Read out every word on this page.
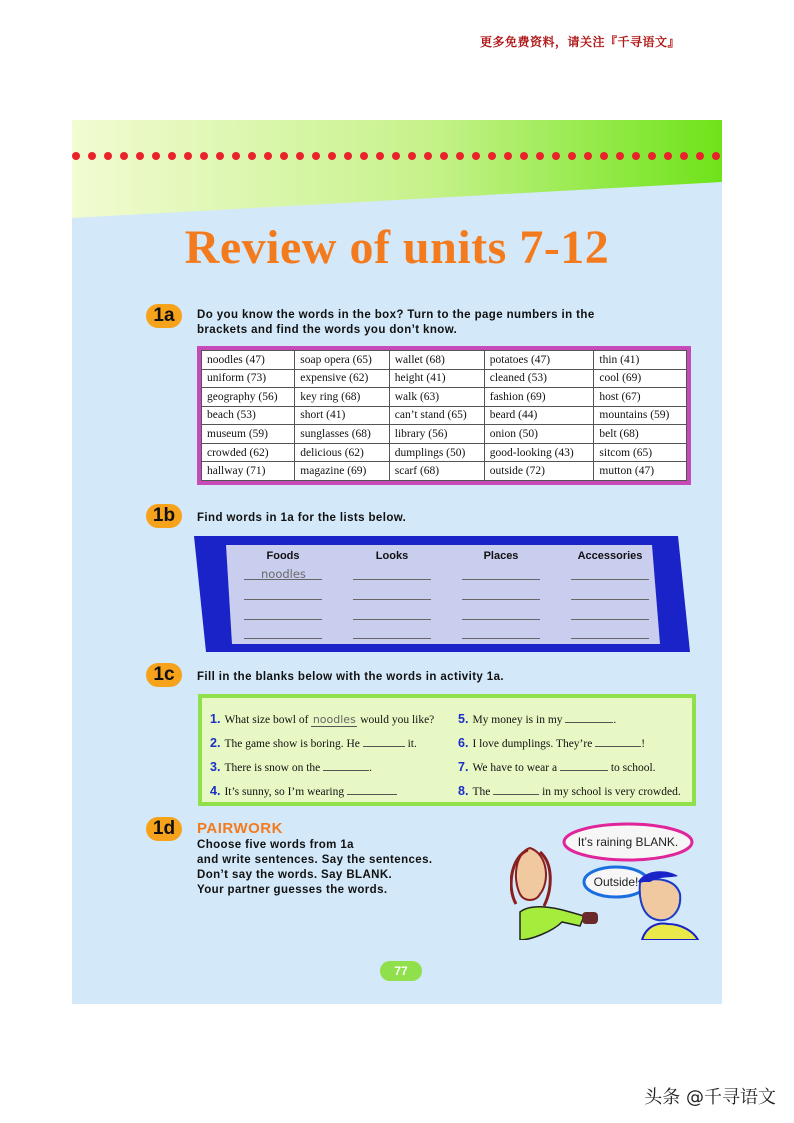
更多免费资料，请关注『千寻语文』
Review of units 7-12
1a	Do you know the words in the box? Turn to the page numbers in the
brackets and find the words you don’t know.
noodles (47)	soap opera (65)	wallet (68)	potatoes (47)	thin (41)
uniform (73)	expensive (62)	height (41)	cleaned (53)	cool (69)
geography (56)	key ring (68)	walk (63)	fashion (69)	host (67)
beach (53)	short (41)	can’t stand (65)	beard (44)	mountains (59)
museum (59)	sunglasses (68)	library (56)	onion (50)	belt (68)
crowded (62)	delicious (62)	dumplings (50)	good-looking (43)	sitcom (65)
hallway (71)	magazine (69)	scarf (68)	outside (72)	mutton (47)
1b	Find words in 1a for the lists below.
Foods	Looks	Places	Accessories
noodles
1c	Fill in the blanks below with the words in activity 1a.
1. What size bowl of noodles would you like?
2. The game show is boring. He	it.
3. There is snow on the	.
4. It’s sunny, so I’m wearing
5. My money is in my	.
6. I love dumplings. They’re	!
7. We have to wear a	to school.
8. The	in my school is very crowded.
1d	PAIRWORK
Choose five words from 1a
and write sentences. Say the sentences.
Don’t say the words. Say BLANK.
Your partner guesses the words.
It’s raining BLANK.
Outside!
77
头条 @千寻语文
